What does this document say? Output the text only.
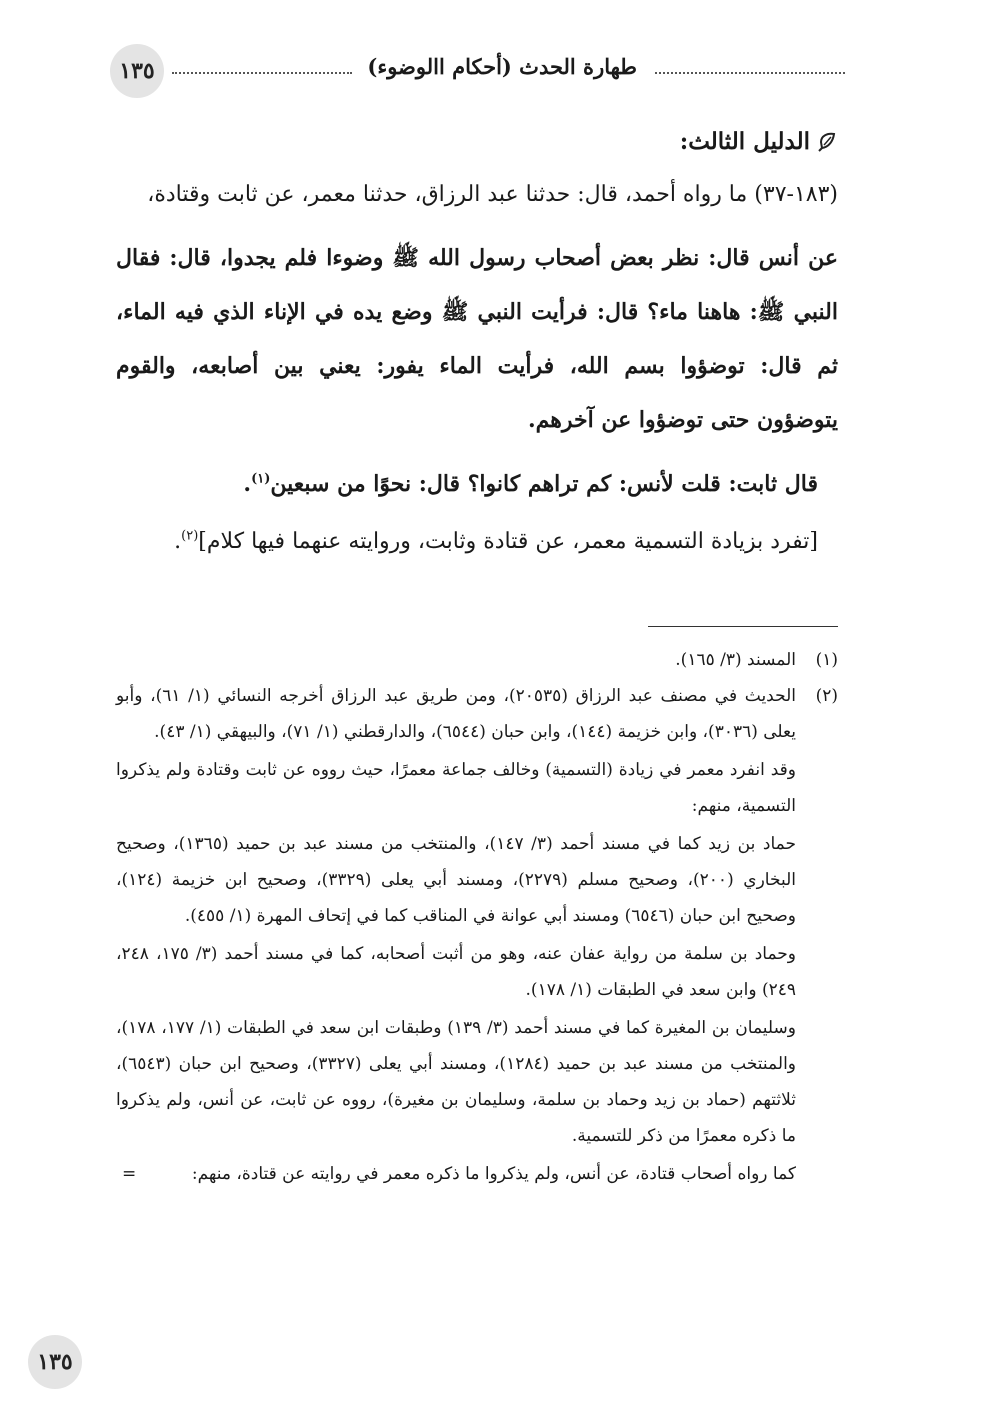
١٣٥	طهارة الحدث (أحكام االوضوء)
الدليل الثالث:

(١٨٣-٣٧) ما رواه أحمد، قال: حدثنا عبد الرزاق، حدثنا معمر، عن ثابت وقتادة،

عن أنس قال: نظر بعض أصحاب رسول الله ﷺ وضوءا فلم يجدوا، قال: فقال النبي ﷺ: هاهنا ماء؟ قال: فرأيت النبي ﷺ وضع يده في الإناء الذي فيه الماء، ثم قال: توضؤوا بسم الله، فرأيت الماء يفور: يعني بين أصابعه، والقوم يتوضؤون حتى توضؤوا عن آخرهم.

قال ثابت: قلت لأنس: كم تراهم كانوا؟ قال: نحوًا من سبعين$^{(١)}$.

[تفرد بزيادة التسمية معمر، عن قتادة وثابت، وروايته عنهما فيها كلام]$^{(٢)}$.

(١)

المسند (٣/ ١٦٥).

(٢)

الحديث في مصنف عبد الرزاق (٢٠٥٣٥)، ومن طريق عبد الرزاق أخرجه النسائي (١/ ٦١)، وأبو يعلى (٣٠٣٦)، وابن خزيمة (١٤٤)، وابن حبان (٦٥٤٤)، والدارقطني (١/ ٧١)، والبيهقي (١/ ٤٣).

وقد انفرد معمر في زيادة (التسمية) وخالف جماعة معمرًا، حيث رووه عن ثابت وقتادة ولم يذكروا التسمية، منهم:

حماد بن زيد كما في مسند أحمد (٣/ ١٤٧)، والمنتخب من مسند عبد بن حميد (١٣٦٥)، وصحيح البخاري (٢٠٠)، وصحيح مسلم (٢٢٧٩)، ومسند أبي يعلى (٣٣٢٩)، وصحيح ابن خزيمة (١٢٤)، وصحيح ابن حبان (٦٥٤٦) ومسند أبي عوانة في المناقب كما في إتحاف المهرة (١/ ٤٥٥).

وحماد بن سلمة من رواية عفان عنه، وهو من أثبت أصحابه، كما في مسند أحمد (٣/ ١٧٥، ٢٤٨، ٢٤٩) وابن سعد في الطبقات (١/ ١٧٨).

وسليمان بن المغيرة كما في مسند أحمد (٣/ ١٣٩) وطبقات ابن سعد في الطبقات (١/ ١٧٧، ١٧٨)، والمنتخب من مسند عبد بن حميد (١٢٨٤)، ومسند أبي يعلى (٣٣٢٧)، وصحيح ابن حبان (٦٥٤٣)، ثلاثتهم (حماد بن زيد وحماد بن سلمة، وسليمان بن مغيرة)، رووه عن ثابت، عن أنس، ولم يذكروا ما ذكره معمرًا من ذكر للتسمية.

كما رواه أصحاب قتادة، عن أنس، ولم يذكروا ما ذكره معمر في روايته عن قتادة، منهم:
=

١٣٥
